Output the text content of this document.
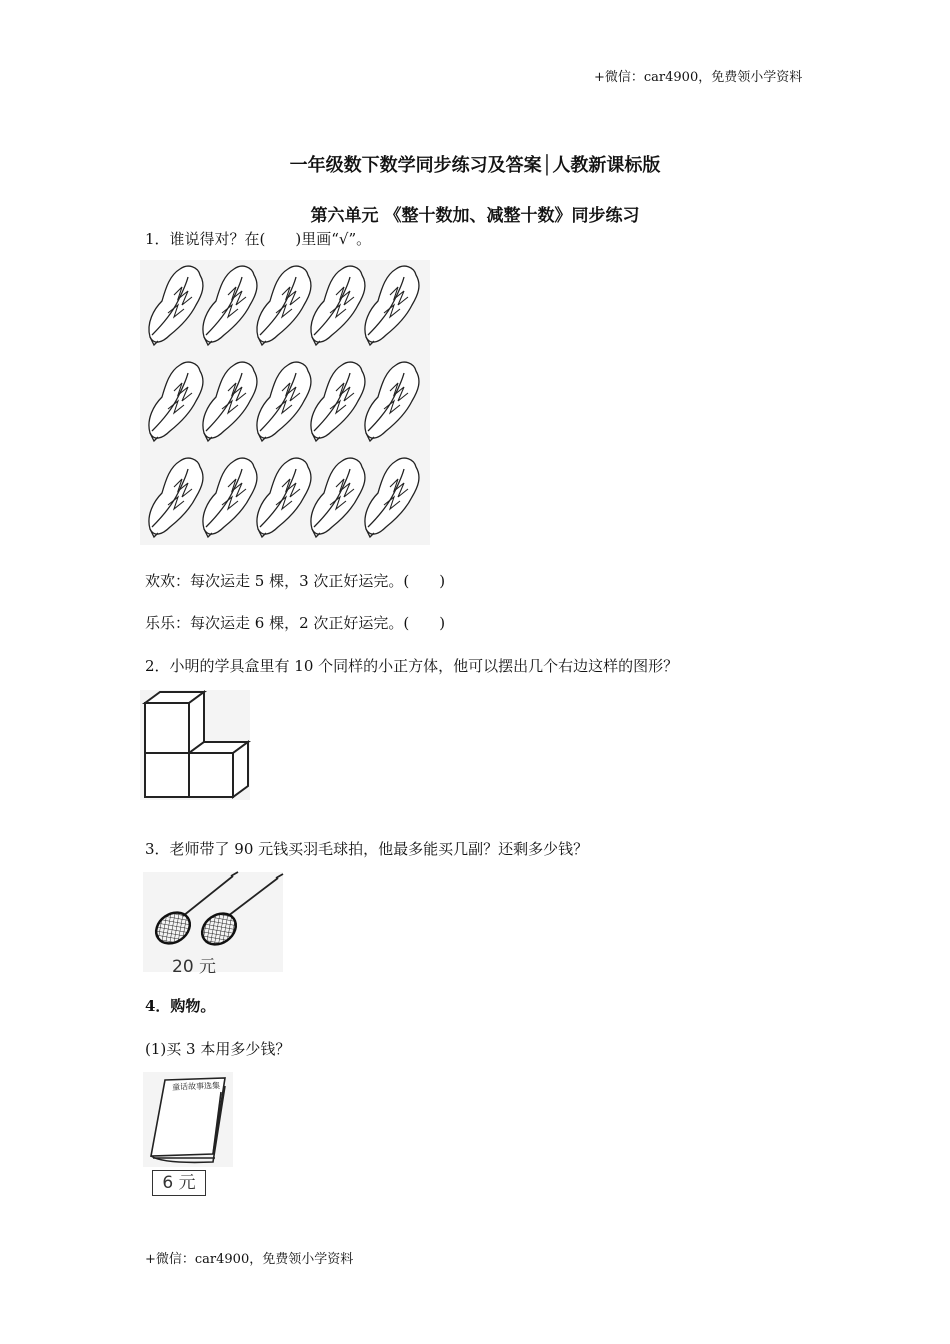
+微信：car4900，免费领小学资料
一年级数下数学同步练习及答案│人教新课标版
第六单元 《整十数加、减整十数》同步练习
1．谁说得对？在(　　)里画“√”。
欢欢：每次运走 5 棵，3 次正好运完。(　　)
乐乐：每次运走 6 棵，2 次正好运完。(　　)
2．小明的学具盒里有 10 个同样的小正方体，他可以摆出几个右边这样的图形？
3．老师带了 90 元钱买羽毛球拍，他最多能买几副？还剩多少钱？
20 元
4．购物。
(1)买 3 本用多少钱？
童话故事选集
6 元
+微信：car4900，免费领小学资料
